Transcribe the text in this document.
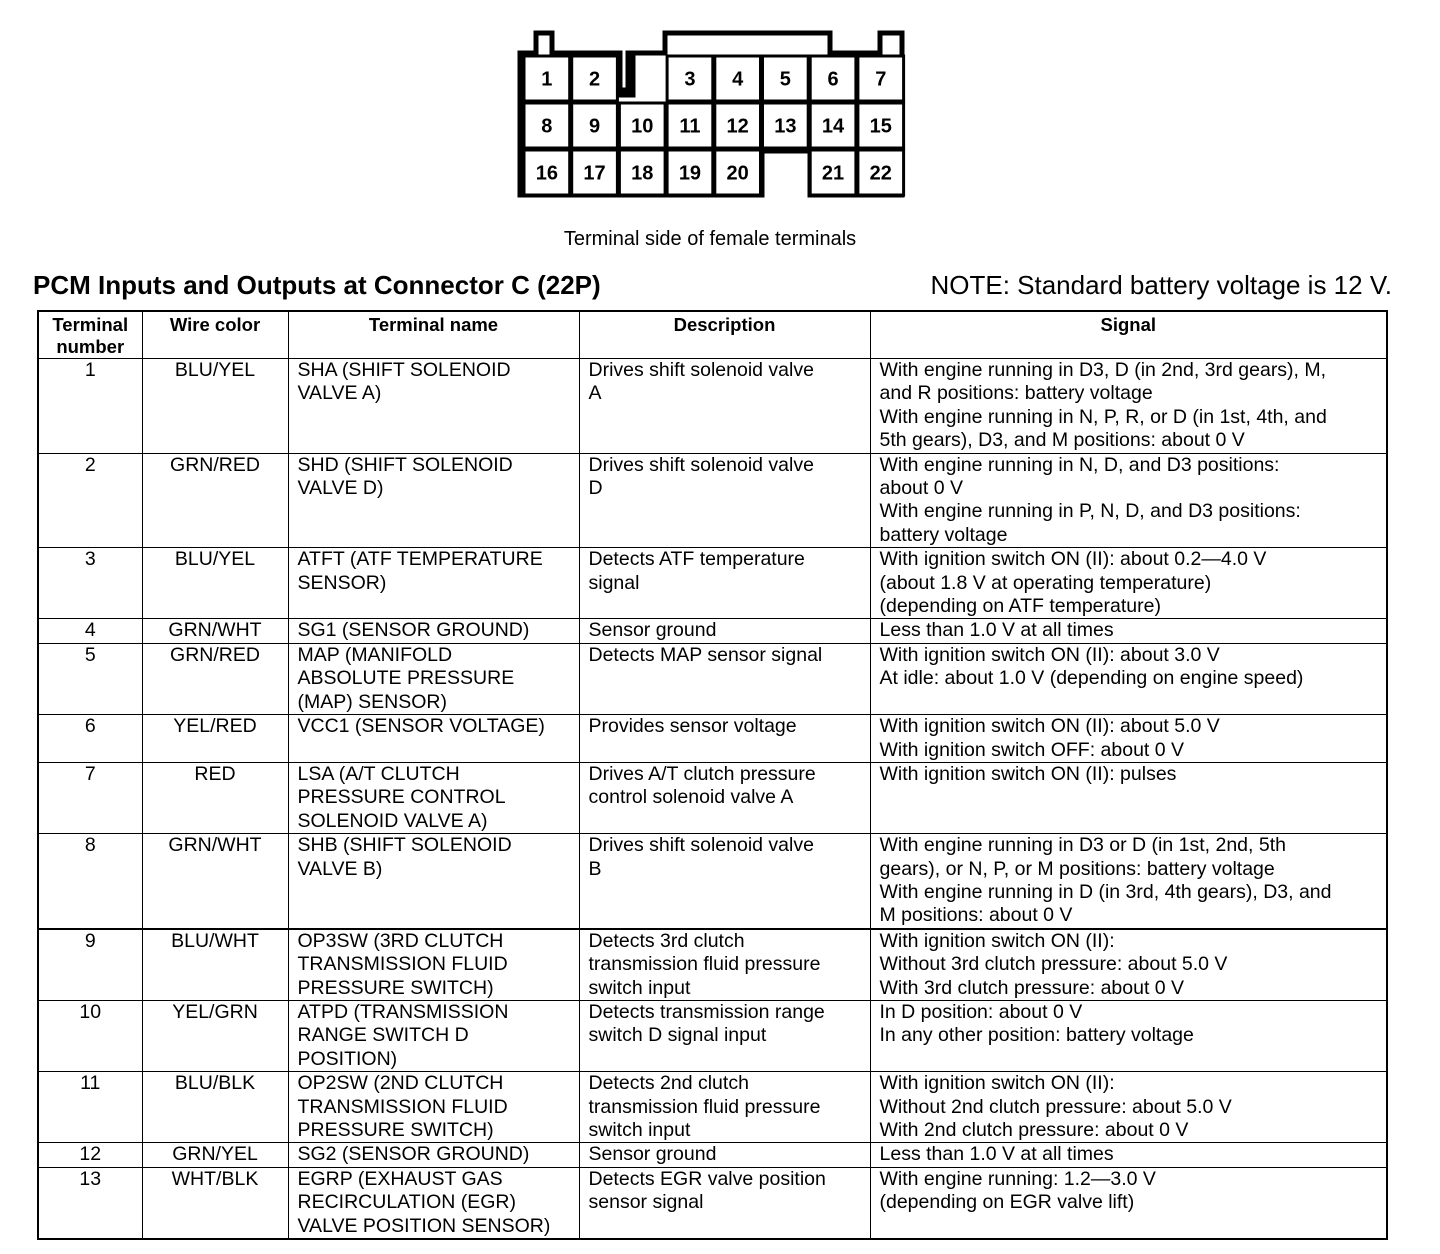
1 2	3 4 5 6 7
8 9 10 11 12 13 14 15
16 17 18 19 20	21 22
Terminal side of female terminals
PCM Inputs and Outputs at Connector C (22P)	NOTE: Standard battery voltage is 12 V.
Terminal
number	Wire color	Terminal name	Description	Signal
1	BLU/YEL	SHA (SHIFT SOLENOID
VALVE A)	Drives shift solenoid valve
A	With engine running in D3, D (in 2nd, 3rd gears), M,
and R positions: battery voltage
With engine running in N, P, R, or D (in 1st, 4th, and
5th gears), D3, and M positions: about 0 V
2	GRN/RED	SHD (SHIFT SOLENOID
VALVE D)	Drives shift solenoid valve
D	With engine running in N, D, and D3 positions:
about 0 V
With engine running in P, N, D, and D3 positions:
battery voltage
3	BLU/YEL	ATFT (ATF TEMPERATURE
SENSOR)	Detects ATF temperature
signal	With ignition switch ON (II): about 0.2—4.0 V
(about 1.8 V at operating temperature)
(depending on ATF temperature)
4	GRN/WHT	SG1 (SENSOR GROUND)	Sensor ground	Less than 1.0 V at all times
5	GRN/RED	MAP (MANIFOLD
ABSOLUTE PRESSURE
(MAP) SENSOR)	Detects MAP sensor signal	With ignition switch ON (II): about 3.0 V
At idle: about 1.0 V (depending on engine speed)
6	YEL/RED	VCC1 (SENSOR VOLTAGE)	Provides sensor voltage	With ignition switch ON (II): about 5.0 V
With ignition switch OFF: about 0 V
7	RED	LSA (A/T CLUTCH
PRESSURE CONTROL
SOLENOID VALVE A)	Drives A/T clutch pressure
control solenoid valve A	With ignition switch ON (II): pulses
8	GRN/WHT	SHB (SHIFT SOLENOID
VALVE B)	Drives shift solenoid valve
B	With engine running in D3 or D (in 1st, 2nd, 5th
gears), or N, P, or M positions: battery voltage
With engine running in D (in 3rd, 4th gears), D3, and
M positions: about 0 V
9	BLU/WHT	OP3SW (3RD CLUTCH
TRANSMISSION FLUID
PRESSURE SWITCH)	Detects 3rd clutch
transmission fluid pressure
switch input	With ignition switch ON (II):
Without 3rd clutch pressure: about 5.0 V
With 3rd clutch pressure: about 0 V
10	YEL/GRN	ATPD (TRANSMISSION
RANGE SWITCH D
POSITION)	Detects transmission range
switch D signal input	In D position: about 0 V
In any other position: battery voltage
11	BLU/BLK	OP2SW (2ND CLUTCH
TRANSMISSION FLUID
PRESSURE SWITCH)	Detects 2nd clutch
transmission fluid pressure
switch input	With ignition switch ON (II):
Without 2nd clutch pressure: about 5.0 V
With 2nd clutch pressure: about 0 V
12	GRN/YEL	SG2 (SENSOR GROUND)	Sensor ground	Less than 1.0 V at all times
13	WHT/BLK	EGRP (EXHAUST GAS
RECIRCULATION (EGR)
VALVE POSITION SENSOR)	Detects EGR valve position
sensor signal	With engine running: 1.2—3.0 V
(depending on EGR valve lift)
